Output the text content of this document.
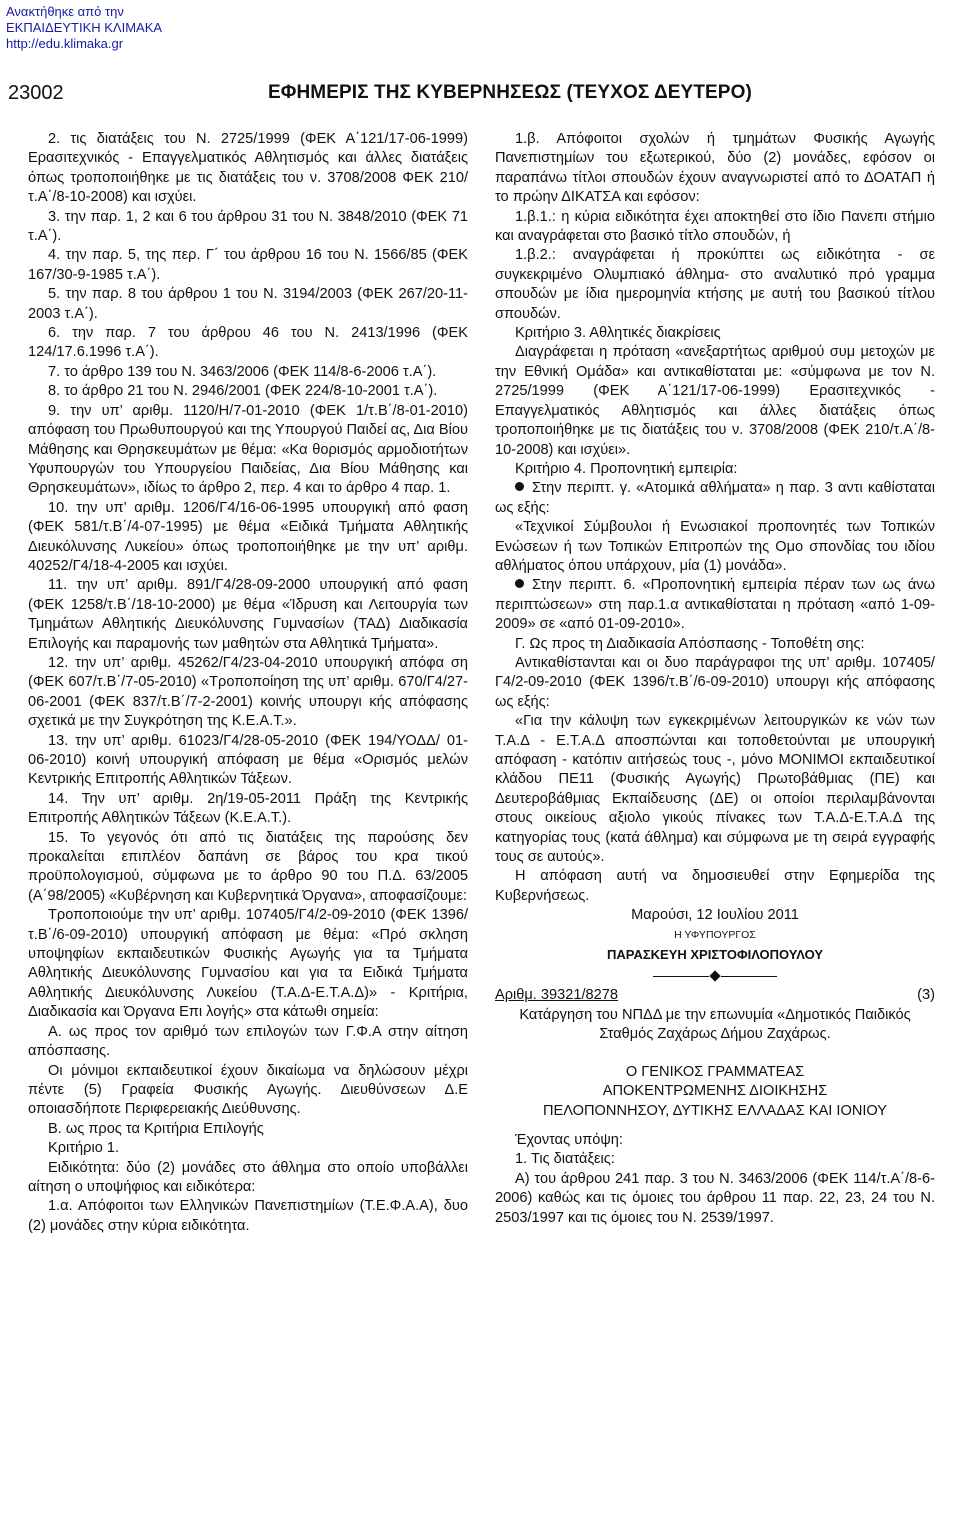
Ανακτήθηκε από την
ΕΚΠΑΙΔΕΥΤΙΚΗ ΚΛΙΜΑΚΑ
http://edu.klimaka.gr
23002	ΕΦΗΜΕΡΙΣ ΤΗΣ ΚΥΒΕΡΝΗΣΕΩΣ (ΤΕΥΧΟΣ ΔΕΥΤΕΡΟ)

2. τις διατάξεις του Ν. 2725/1999 (ΦΕΚ Α΄121/17-06-1999) Ερασιτεχνικός - Επαγγελματικός Αθλητισμός και άλλες διατάξεις όπως τροποποιήθηκε με τις διατάξεις του ν. 3708/2008 ΦΕΚ 210/τ.Α΄/8-10-2008) και ισχύει.

3. την παρ. 1, 2 και 6 του άρθρου 31 του Ν. 3848/2010 (ΦΕΚ 71 τ.Α΄).

4. την παρ. 5, της περ. Γ΄ του άρθρου 16 του Ν. 1566/85 (ΦΕΚ 167/30-9-1985 τ.Α΄).

5. την παρ. 8 του άρθρου 1 του Ν. 3194/2003 (ΦΕΚ 267/20-11-2003 τ.Α΄).

6. την παρ. 7 του άρθρου 46 του Ν. 2413/1996 (ΦΕΚ 124/17.6.1996 τ.Α΄).

7. το άρθρο 139 του Ν. 3463/2006 (ΦΕΚ 114/8-6-2006 τ.Α΄).

8. το άρθρο 21 του Ν. 2946/2001 (ΦΕΚ 224/8-10-2001 τ.Α΄).

9. την υπ’ αριθμ. 1120/Η/7-01-2010 (ΦΕΚ 1/τ.Β΄/8-01-2010) απόφαση του Πρωθυπουργού και της Υπουργού Παιδεί ας, Δια Βίου Μάθησης και Θρησκευμάτων με θέμα: «Κα θορισμός αρμοδιοτήτων Υφυπουργών του Υπουργείου Παιδείας, Δια Βίου Μάθησης και Θρησκευμάτων», ιδίως το άρθρο 2, περ. 4 και το άρθρο 4 παρ. 1.

10. την υπ’ αριθμ. 1206/Γ4/16-06-1995 υπουργική από φαση (ΦΕΚ 581/τ.Β΄/4-07-1995) με θέμα «Ειδικά Τμήματα Αθλητικής Διευκόλυνσης Λυκείου» όπως τροποποιήθηκε με την υπ’ αριθμ. 40252/Γ4/18-4-2005 και ισχύει.

11. την υπ’ αριθμ. 891/Γ4/28-09-2000 υπουργική από φαση (ΦΕΚ 1258/τ.Β΄/18-10-2000) με θέμα «Ίδρυση και Λειτουργία των Τμημάτων Αθλητικής Διευκόλυνσης Γυμνασίων (ΤΑΔ) Διαδικασία Επιλογής και παραμονής των μαθητών στα Αθλητικά Τμήματα».

12. την υπ’ αριθμ. 45262/Γ4/23-04-2010 υπουργική απόφα ση (ΦΕΚ 607/τ.Β΄/7-05-2010) «Τροποποίηση της υπ’ αριθμ. 670/Γ4/27-06-2001 (ΦΕΚ 837/τ.Β΄/7-2-2001) κοινής υπουργι κής απόφασης σχετικά με την Συγκρότηση της Κ.Ε.Α.Τ.».

13. την υπ’ αριθμ. 61023/Γ4/28-05-2010 (ΦΕΚ 194/ΥΟΔΔ/ 01-06-2010) κοινή υπουργική απόφαση με θέμα «Ορισμός μελών Κεντρικής Επιτροπής Αθλητικών Τάξεων.

14. Την υπ’ αριθμ. 2η/19-05-2011 Πράξη της Κεντρικής Επιτροπής Αθλητικών Τάξεων (Κ.Ε.Α.Τ.).

15. Το γεγονός ότι από τις διατάξεις της παρούσης δεν προκαλείται επιπλέον δαπάνη σε βάρος του κρα τικού προϋπολογισμού, σύμφωνα με το άρθρο 90 του Π.Δ. 63/2005 (Α΄98/2005) «Κυβέρνηση και Κυβερνητικά Όργανα», αποφασίζουμε:

Τροποποιούμε την υπ’ αριθμ. 107405/Γ4/2-09-2010 (ΦΕΚ 1396/τ.Β΄/6-09-2010) υπουργική απόφαση με θέμα: «Πρό σκληση υποψηφίων εκπαιδευτικών Φυσικής Αγωγής για τα Τμήματα Αθλητικής Διευκόλυνσης Γυμνασίου και για τα Ειδικά Τμήματα Αθλητικής Διευκόλυνσης Λυκείου (Τ.Α.Δ-Ε.Τ.Α.Δ)» - Κριτήρια, Διαδικασία και Όργανα Επι λογής» στα κάτωθι σημεία:

Α. ως προς τον αριθμό των επιλογών των Γ.Φ.Α στην αίτηση απόσπασης.

Οι μόνιμοι εκπαιδευτικοί έχουν δικαίωμα να δηλώσουν μέχρι πέντε (5) Γραφεία Φυσικής Αγωγής. Διευθύνσεων Δ.Ε οποιασδήποτε Περιφερειακής Διεύθυνσης.

Β. ως προς τα Κριτήρια Επιλογής

Κριτήριο 1.

Ειδικότητα: δύο (2) μονάδες στο άθλημα στο οποίο υποβάλλει αίτηση ο υποψήφιος και ειδικότερα:

1.α. Απόφοιτοι των Ελληνικών Πανεπιστημίων (Τ.Ε.Φ.Α.Α), δυο (2) μονάδες στην κύρια ειδικότητα.

1.β. Απόφοιτοι σχολών ή τμημάτων Φυσικής Αγωγής Πανεπιστημίων του εξωτερικού, δύο (2) μονάδες, εφόσον οι παραπάνω τίτλοι σπουδών έχουν αναγνωριστεί από το ΔΟΑΤΑΠ ή το πρώην ΔΙΚΑΤΣΑ και εφόσον:

1.β.1.: η κύρια ειδικότητα έχει αποκτηθεί στο ίδιο Πανεπι στήμιο και αναγράφεται στο βασικό τίτλο σπουδών, ή

1.β.2.: αναγράφεται ή προκύπτει ως ειδικότητα - σε συγκεκριμένο Ολυμπιακό άθλημα- στο αναλυτικό πρό γραμμα σπουδών με ίδια ημερομηνία κτήσης με αυτή του βασικού τίτλου σπουδών.

Κριτήριο 3. Αθλητικές διακρίσεις

Διαγράφεται η πρόταση «ανεξαρτήτως αριθμού συμ μετοχών με την Εθνική Ομάδα» και αντικαθίσταται με: «σύμφωνα με τον Ν. 2725/1999 (ΦΕΚ Α΄121/17-06-1999) Ερασιτεχνικός - Επαγγελματικός Αθλητισμός και άλλες διατάξεις όπως τροποποιήθηκε με τις διατάξεις του ν. 3708/2008 (ΦΕΚ 210/τ.Α΄/8-10-2008) και ισχύει».

Κριτήριο 4. Προπονητική εμπειρία:

Στην περιπτ. γ. «Ατομικά αθλήματα» η παρ. 3 αντι καθίσταται ως εξής:

«Τεχνικοί Σύμβουλοι ή Ενωσιακοί προπονητές των Τοπικών Ενώσεων ή των Τοπικών Επιτροπών της Ομο σπονδίας του ιδίου αθλήματος όπου υπάρχουν, μία (1) μονάδα».

Στην περιπτ. 6. «Προπονητική εμπειρία πέραν των ως άνω περιπτώσεων» στη παρ.1.α αντικαθίσταται η πρόταση «από 1-09-2009» σε «από 01-09-2010».

Γ. Ως προς τη Διαδικασία Απόσπασης - Τοποθέτη σης:

Αντικαθίστανται και οι δυο παράγραφοι της υπ’ αριθμ. 107405/Γ4/2-09-2010 (ΦΕΚ 1396/τ.Β΄/6-09-2010) υπουργι κής απόφασης ως εξής:

«Για την κάλυψη των εγκεκριμένων λειτουργικών κε νών των Τ.Α.Δ - Ε.Τ.Α.Δ αποσπώνται και τοποθετούνται με υπουργική απόφαση - κατόπιν αιτήσεώς τους -, μόνο ΜΟΝΙΜΟΙ εκπαιδευτικοί κλάδου ΠΕ11 (Φυσικής Αγωγής) Πρωτοβάθμιας (ΠΕ) και Δευτεροβάθμιας Εκπαίδευσης (ΔΕ) οι οποίοι περιλαμβάνονται στους οικείους αξιολο γικούς πίνακες των Τ.Α.Δ-Ε.Τ.Α.Δ της κατηγορίας τους (κατά άθλημα) και σύμφωνα με τη σειρά εγγραφής τους σε αυτούς».

Η απόφαση αυτή να δημοσιευθεί στην Εφημερίδα της Κυβερνήσεως.

Μαρούσι, 12 Ιουλίου 2011

Η ΥΦΥΠΟΥΡΓΟΣ

ΠΑΡΑΣΚΕΥΗ ΧΡΙΣΤΟΦΙΛΟΠΟΥΛΟΥ

Αριθμ. 39321/8278	(3)

Κατάργηση του ΝΠΔΔ με την επωνυμία «Δημοτικός Παιδικός Σταθμός Ζαχάρως Δήμου Ζαχάρως.

Ο ΓΕΝΙΚΟΣ ΓΡΑΜΜΑΤΕΑΣ

ΑΠΟΚΕΝΤΡΩΜΕΝΗΣ ΔΙΟΙΚΗΣΗΣ

ΠΕΛΟΠΟΝΝΗΣΟΥ, ΔΥΤΙΚΗΣ ΕΛΛΑΔΑΣ ΚΑΙ ΙΟΝΙΟΥ

Έχοντας υπόψη:

1. Τις διατάξεις:

Α) του άρθρου 241 παρ. 3 του Ν. 3463/2006 (ΦΕΚ 114/τ.Α΄/8-6-2006) καθώς και τις όμοιες του άρθρου 11 παρ. 22, 23, 24 του Ν. 2503/1997 και τις όμοιες του Ν. 2539/1997.
